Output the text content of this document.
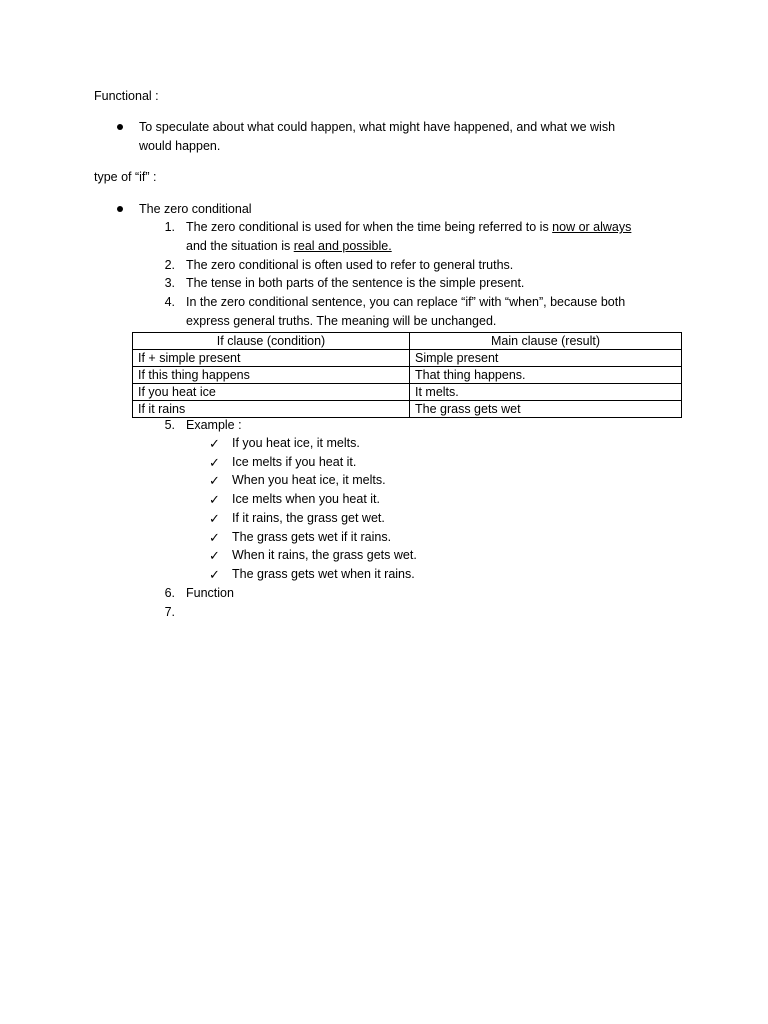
Functional :
To speculate about what could happen, what might have happened, and what we wish
would happen.
type of “if” :
The zero conditional
1. The zero conditional is used for when the time being referred to is now or always
and the situation is real and possible.
2. The zero conditional is often used to refer to general truths.
3. The tense in both parts of the sentence is the simple present.
4. In the zero conditional sentence, you can replace “if” with “when”, because both
express general truths. The meaning will be unchanged.
If clause (condition)	Main clause (result)
If + simple present	Simple present
If this thing happens	That thing happens.
If you heat ice	It melts.
If it rains	The grass gets wet
5. Example :
✓ If you heat ice, it melts.
✓ Ice melts if you heat it.
✓ When you heat ice, it melts.
✓ Ice melts when you heat it.
✓ If it rains, the grass get wet.
✓ The grass gets wet if it rains.
✓ When it rains, the grass gets wet.
✓ The grass gets wet when it rains.
6. Function
7.
